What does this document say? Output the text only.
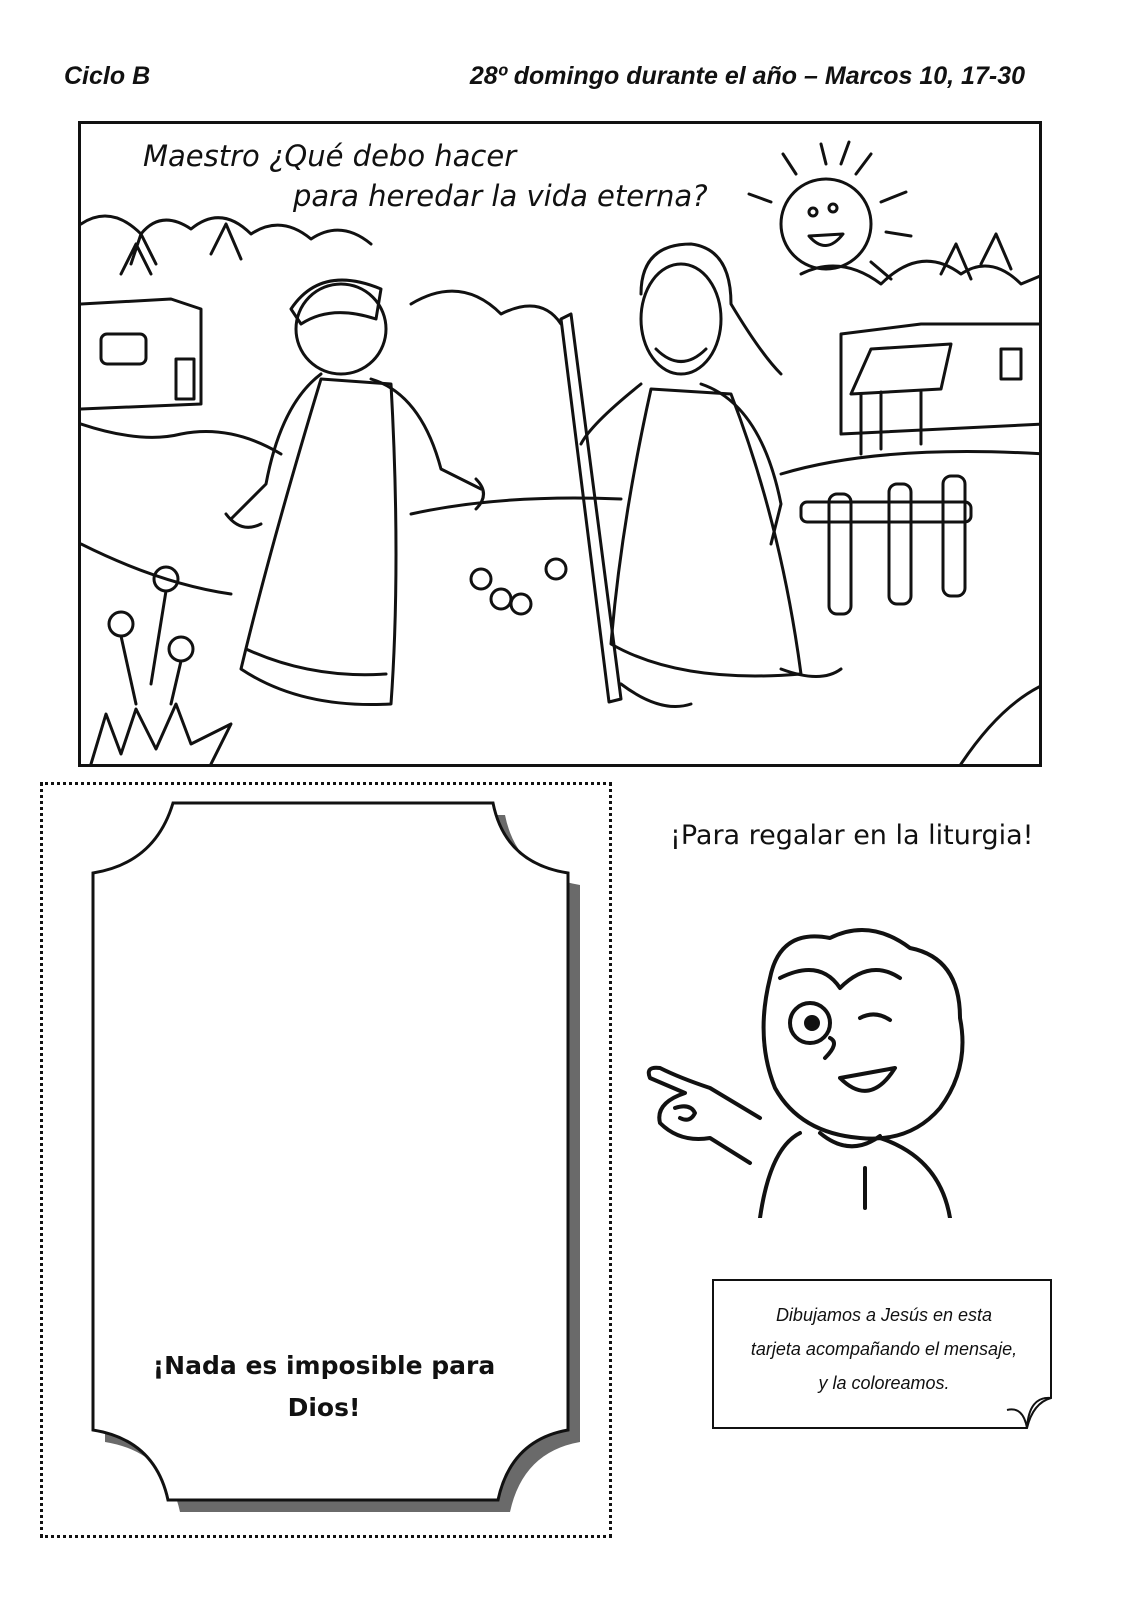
Ciclo B	28º domingo durante el año – Marcos 10, 17-30
Maestro ¿Qué debo hacer
para heredar la vida eterna?
¡Nada es imposible para
Dios!
¡Para regalar en la liturgia!
Dibujamos a Jesús en esta
tarjeta acompañando el mensaje,
y la coloreamos.
